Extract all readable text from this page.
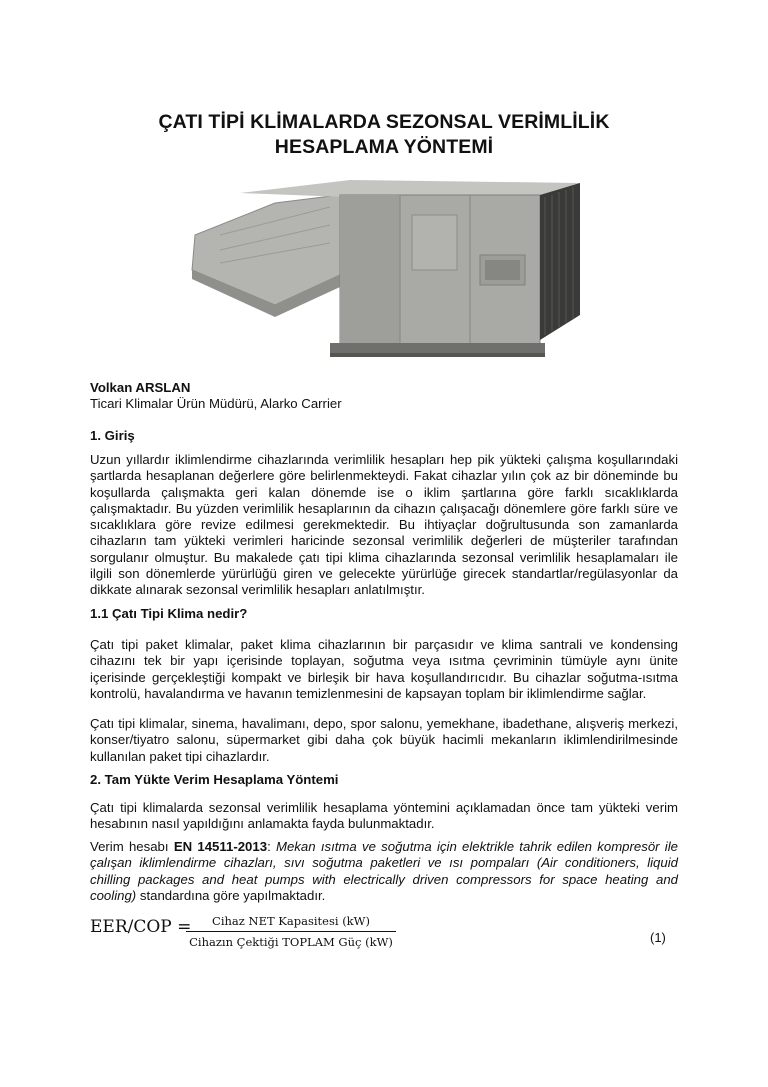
ÇATI TİPİ KLİMALARDA SEZONSAL VERİMLİLİK
HESAPLAMA YÖNTEMİ
Volkan ARSLAN
Ticari Klimalar Ürün Müdürü, Alarko Carrier
1. Giriş
Uzun yıllardır iklimlendirme cihazlarında verimlilik hesapları hep pik yükteki çalışma koşullarındaki şartlarda hesaplanan değerlere göre belirlenmekteydi. Fakat cihazlar yılın çok az bir döneminde bu koşullarda çalışmakta geri kalan dönemde ise o iklim şartlarına göre farklı sıcaklıklarda çalışmaktadır. Bu yüzden verimlilik hesaplarının da cihazın çalışacağı dönemlere göre farklı süre ve sıcaklıklara göre revize edilmesi gerekmektedir. Bu ihtiyaçlar doğrultusunda son zamanlarda cihazların tam yükteki verimleri haricinde sezonsal verimlilik değerleri de müşteriler tarafından sorgulanır olmuştur. Bu makalede çatı tipi klima cihazlarında sezonsal verimlilik hesaplamaları ile ilgili son dönemlerde yürürlüğü giren ve gelecekte yürürlüğe girecek standartlar/regülasyonlar da dikkate alınarak sezonsal verimlilik hesapları anlatılmıştır.
1.1 Çatı Tipi Klima nedir?
Çatı tipi paket klimalar, paket klima cihazlarının bir parçasıdır ve klima santrali ve kondensing cihazını tek bir yapı içerisinde toplayan, soğutma veya ısıtma çevriminin tümüyle aynı ünite içerisinde gerçekleştiği kompakt ve birleşik bir hava koşullandırıcıdır. Bu cihazlar soğutma-ısıtma kontrolü, havalandırma ve havanın temizlenmesini de kapsayan toplam bir iklimlendirme sağlar.
Çatı tipi klimalar, sinema, havalimanı, depo, spor salonu, yemekhane, ibadethane, alışveriş merkezi, konser/tiyatro salonu, süpermarket gibi daha çok büyük hacimli mekanların iklimlendirilmesinde kullanılan paket tipi cihazlardır.
2. Tam Yükte Verim Hesaplama Yöntemi
Çatı tipi klimalarda sezonsal verimlilik hesaplama yöntemini açıklamadan önce tam yükteki verim hesabının nasıl yapıldığını anlamakta fayda bulunmaktadır.
Verim hesabı EN 14511-2013: Mekan ısıtma ve soğutma için elektrikle tahrik edilen kompresör ile çalışan iklimlendirme cihazları, sıvı soğutma paketleri ve ısı pompaları (Air conditioners, liquid chilling packages and heat pumps with electrically driven compressors for space heating and cooling) standardına göre yapılmaktadır.
EER/COP =	Cihaz NET Kapasitesi (kW)
Cihazın Çektiği TOPLAM Güç (kW)	(1)
